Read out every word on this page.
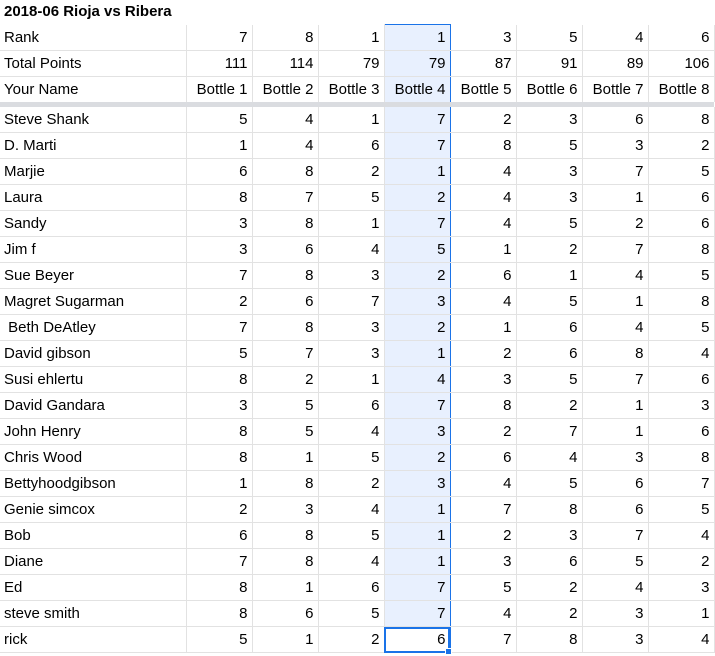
2018-06 Rioja vs Ribera
Rank	7	8	1	1	3	5	4	6
Total Points	111	114	79	79	87	91	89	106
Your Name	Bottle 1	Bottle 2	Bottle 3	Bottle 4	Bottle 5	Bottle 6	Bottle 7	Bottle 8

Steve Shank	5	4	1	7	2	3	6	8
D. Marti	1	4	6	7	8	5	3	2
Marjie	6	8	2	1	4	3	7	5
Laura	8	7	5	2	4	3	1	6
Sandy	3	8	1	7	4	5	2	6
Jim f	3	6	4	5	1	2	7	8
Sue Beyer	7	8	3	2	6	1	4	5
Magret Sugarman	2	6	7	3	4	5	1	8
Beth DeAtley	7	8	3	2	1	6	4	5
David gibson	5	7	3	1	2	6	8	4
Susi ehlertu	8	2	1	4	3	5	7	6
David Gandara	3	5	6	7	8	2	1	3
John Henry	8	5	4	3	2	7	1	6
Chris Wood	8	1	5	2	6	4	3	8
Bettyhoodgibson	1	8	2	3	4	5	6	7
Genie simcox	2	3	4	1	7	8	6	5
Bob	6	8	5	1	2	3	7	4
Diane	7	8	4	1	3	6	5	2
Ed	8	1	6	7	5	2	4	3
steve smith	8	6	5	7	4	2	3	1
rick	5	1	2	6	7	8	3	4
